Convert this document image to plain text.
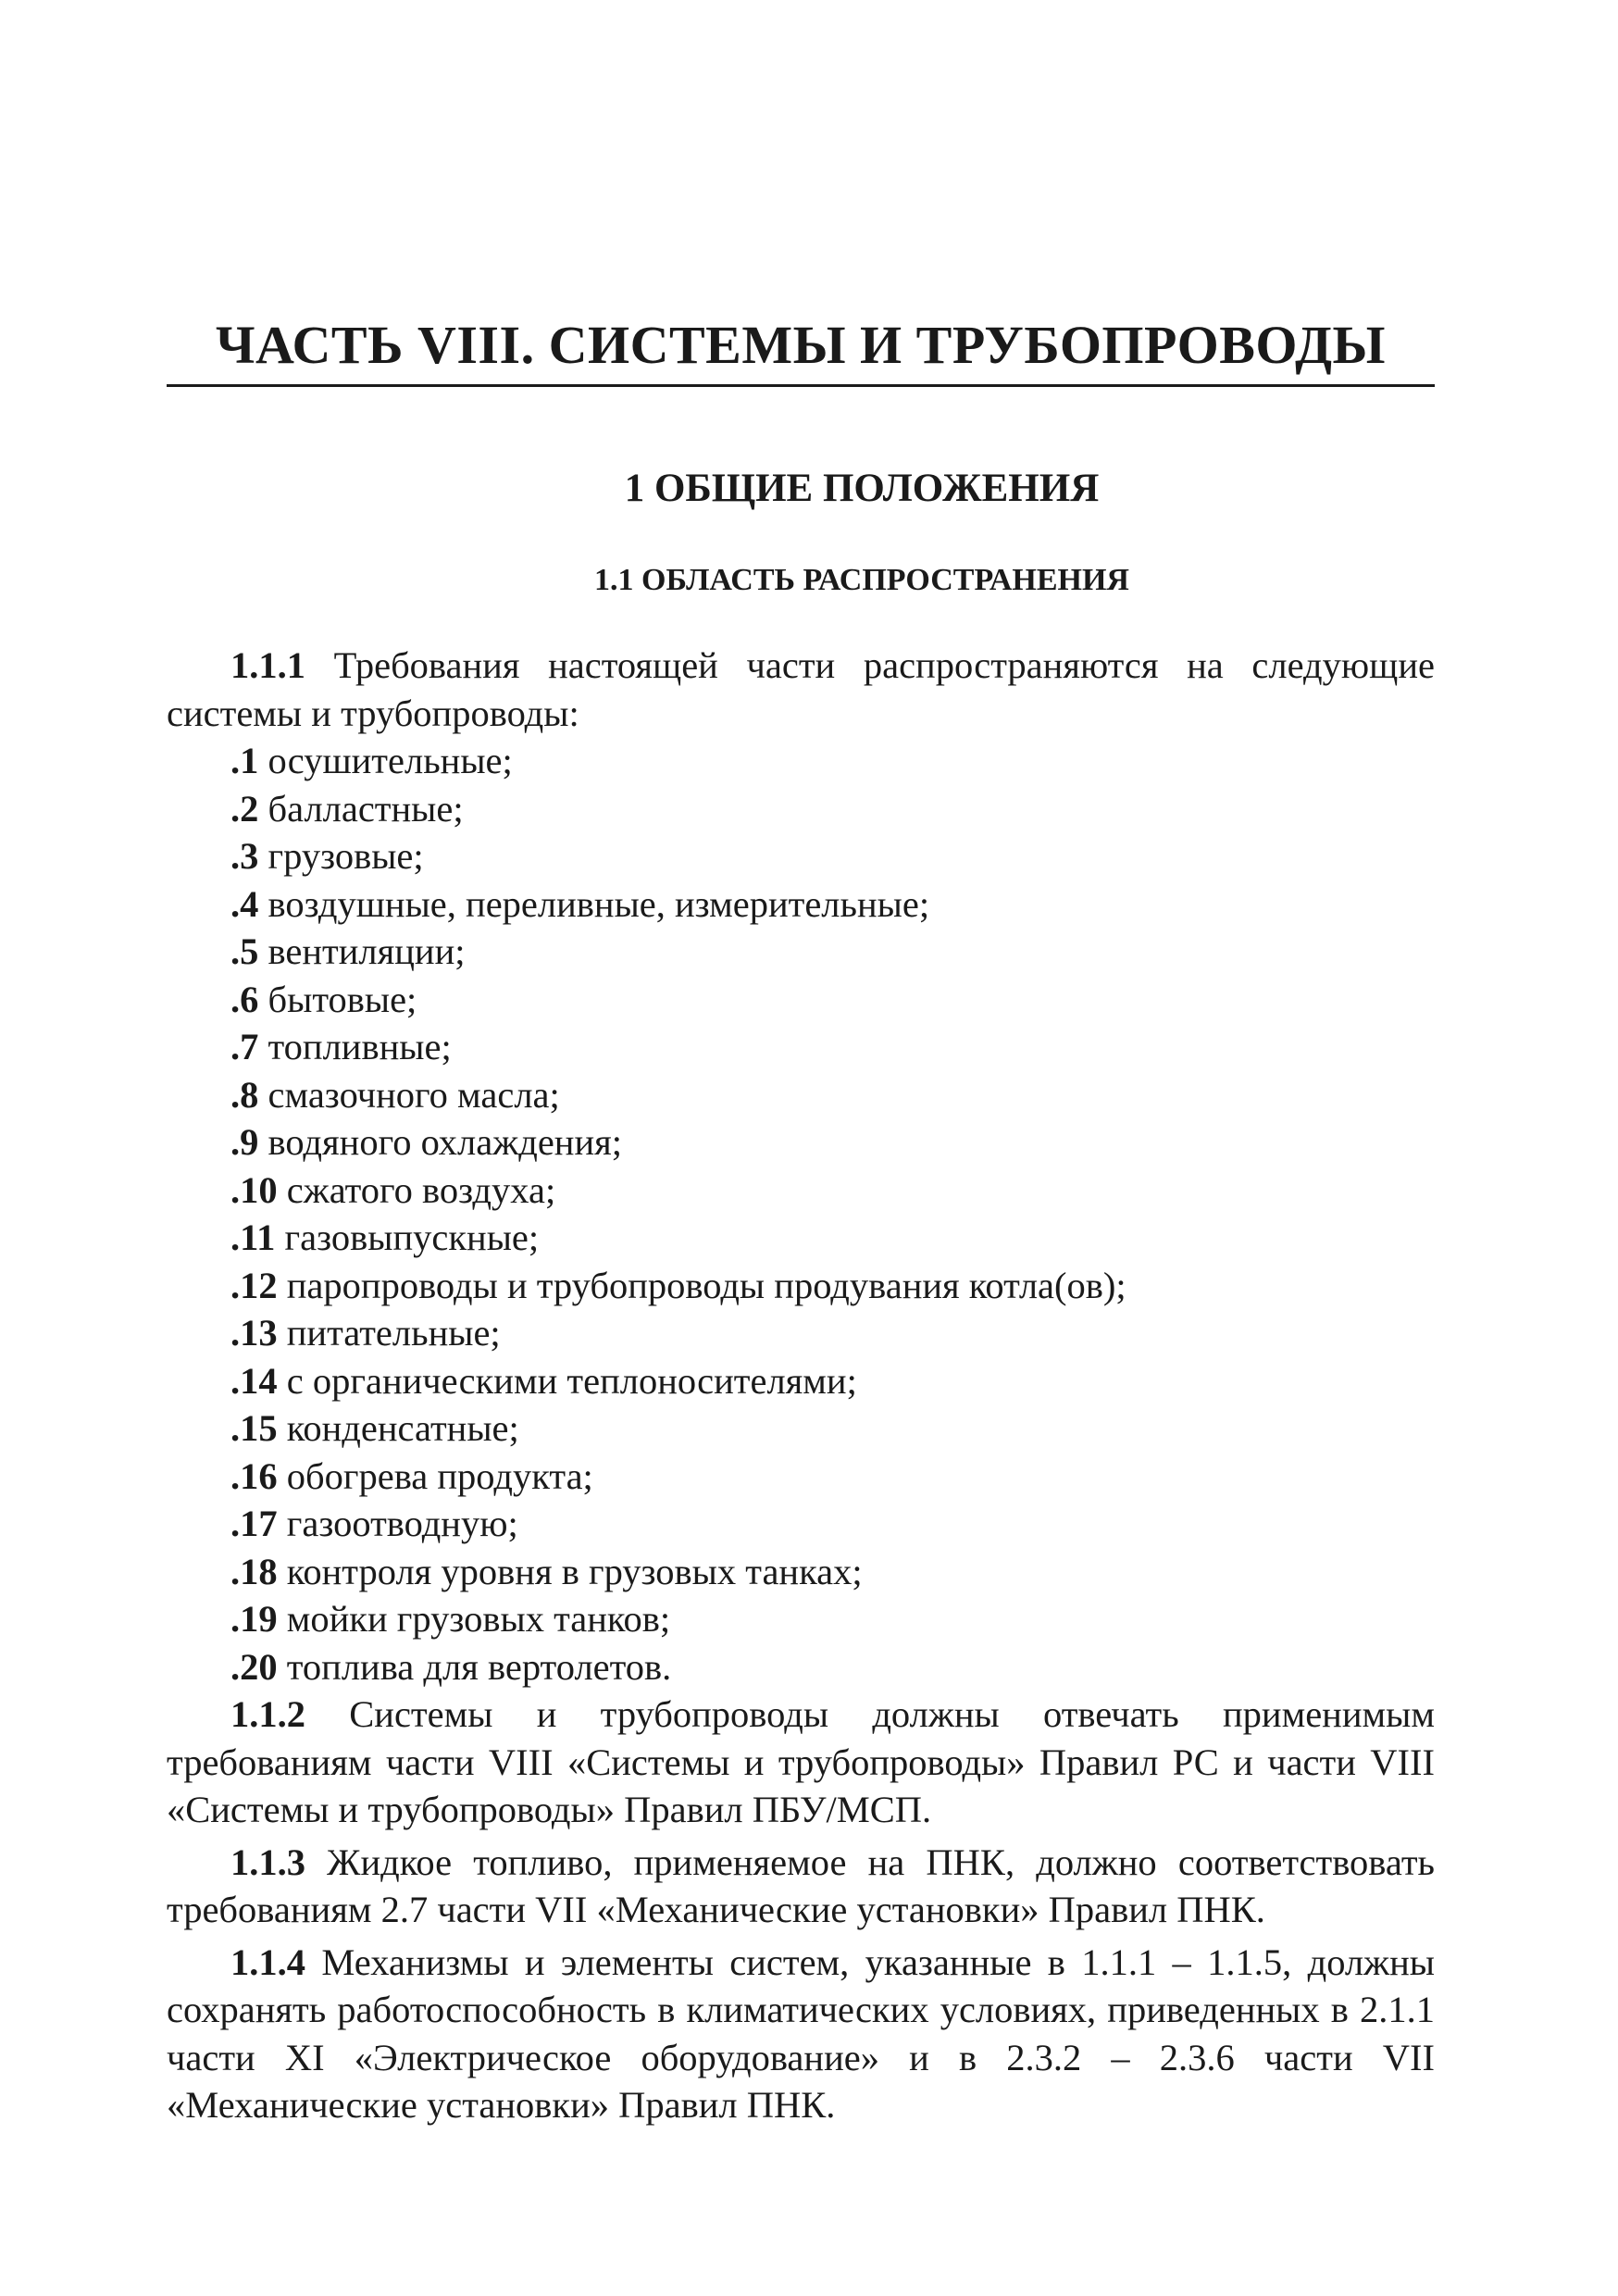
ЧАСТЬ VIII. СИСТЕМЫ И ТРУБОПРОВОДЫ
1 ОБЩИЕ ПОЛОЖЕНИЯ
1.1 ОБЛАСТЬ РАСПРОСТРАНЕНИЯ

1.1.1 Требования настоящей части распространяются на следующие системы и трубопроводы:

.1 осушительные;
.2 балластные;
.3 грузовые;
.4 воздушные, переливные, измерительные;
.5 вентиляции;
.6 бытовые;
.7 топливные;
.8 смазочного масла;
.9 водяного охлаждения;
.10 сжатого воздуха;
.11 газовыпускные;
.12 паропроводы и трубопроводы продувания котла(ов);
.13 питательные;
.14 с органическими теплоносителями;
.15 конденсатные;
.16 обогрева продукта;
.17 газоотводную;
.18 контроля уровня в грузовых танках;
.19 мойки грузовых танков;
.20 топлива для вертолетов.

1.1.2 Системы и трубопроводы должны отвечать применимым требованиям части VIII «Системы и трубопроводы» Правил РС и части VIII «Системы и трубопроводы» Правил ПБУ/МСП.

1.1.3 Жидкое топливо, применяемое на ПНК, должно соответствовать требованиям 2.7 части VII «Механические установки» Правил ПНК.

1.1.4 Механизмы и элементы систем, указанные в 1.1.1 – 1.1.5, должны сохранять работоспособность в климатических условиях, приведенных в 2.1.1 части XI «Электрическое оборудование» и в 2.3.2 – 2.3.6 части VII «Механические установки» Правил ПНК.
